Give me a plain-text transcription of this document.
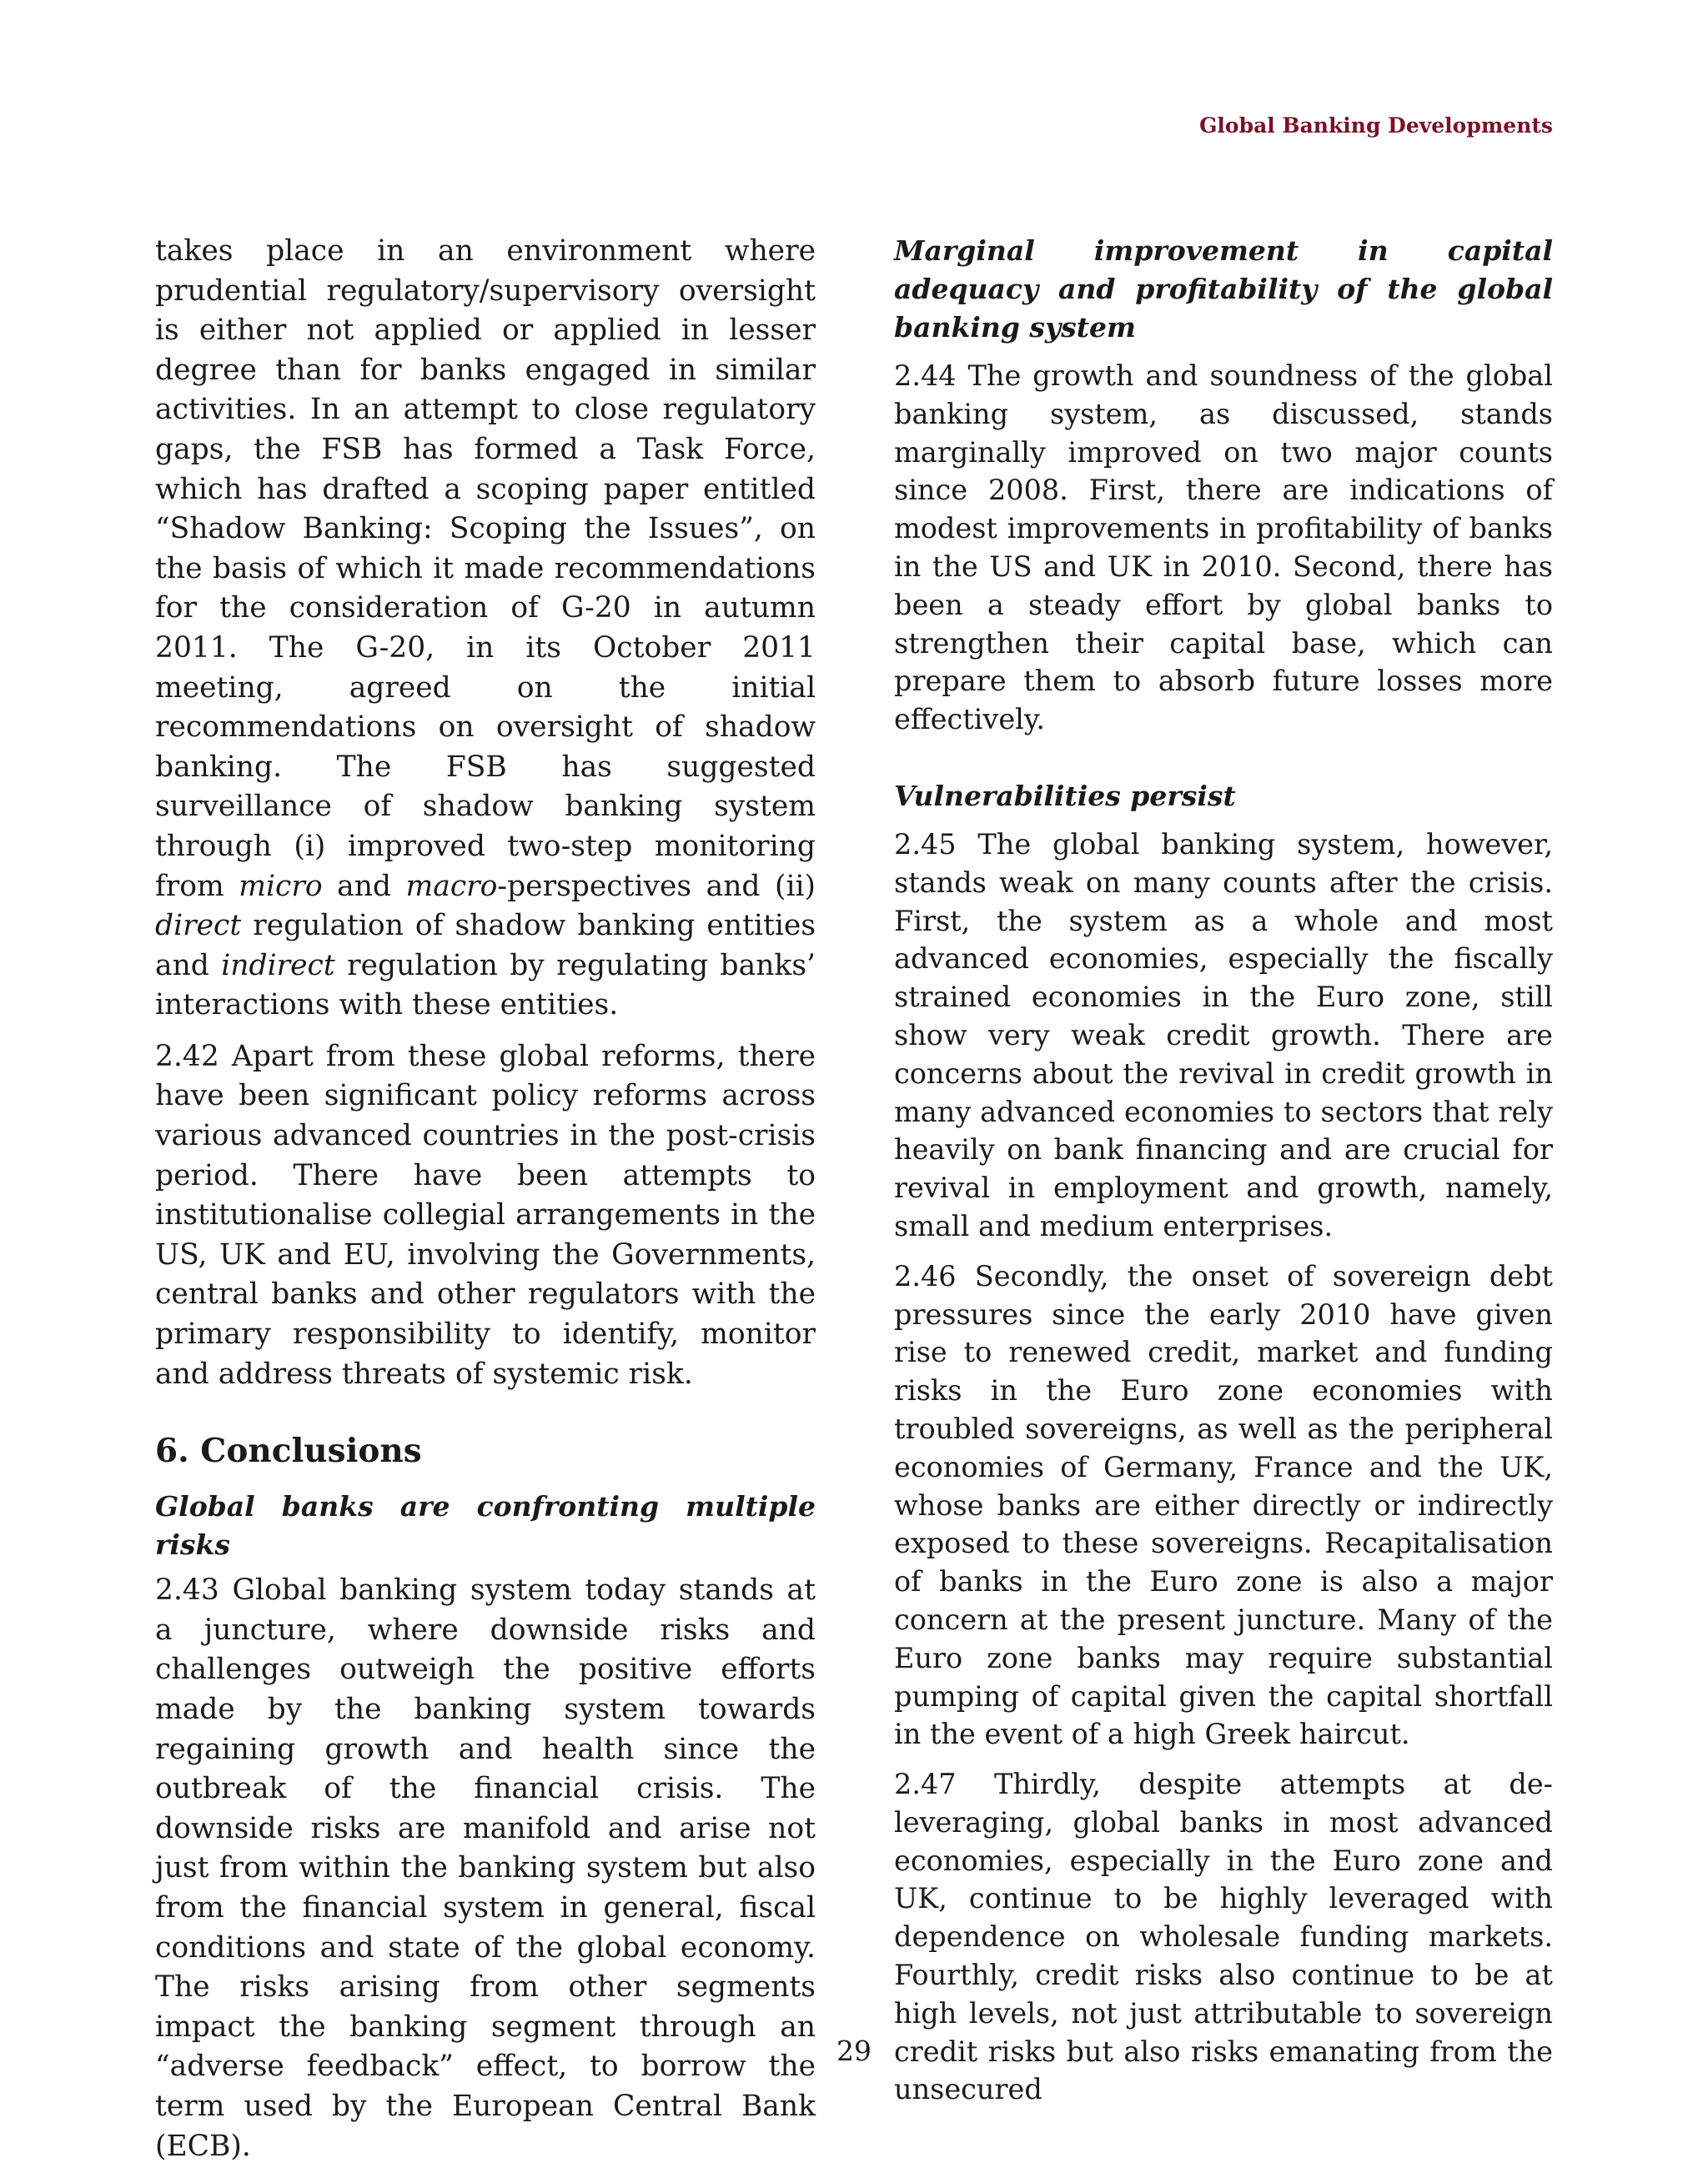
Global Banking Developments

takes place in an environment where prudential regulatory/supervisory oversight is either not applied or applied in lesser degree than for banks engaged in similar activities. In an attempt to close regulatory gaps, the FSB has formed a Task Force, which has drafted a scoping paper entitled “Shadow Banking: Scoping the Issues”, on the basis of which it made recommendations for the consideration of G-20 in autumn 2011. The G-20, in its October 2011 meeting, agreed on the initial recommendations on oversight of shadow banking. The FSB has suggested surveillance of shadow banking system through (i) improved two-step monitoring from micro and macro-perspectives and (ii) direct regulation of shadow banking entities and indirect regulation by regulating banks’ interactions with these entities.

2.42 Apart from these global reforms, there have been significant policy reforms across various advanced countries in the post-crisis period. There have been attempts to institutionalise collegial arrangements in the US, UK and EU, involving the Governments, central banks and other regulators with the primary responsibility to identify, monitor and address threats of systemic risk.

6. Conclusions
Global banks are confronting multiple risks

2.43 Global banking system today stands at a juncture, where downside risks and challenges outweigh the positive efforts made by the banking system towards regaining growth and health since the outbreak of the financial crisis. The downside risks are manifold and arise not just from within the banking system but also from the financial system in general, fiscal conditions and state of the global economy. The risks arising from other segments impact the banking segment through an “adverse feedback” effect, to borrow the term used by the European Central Bank (ECB).

Marginal improvement in capital adequacy and profitability of the global banking system

2.44 The growth and soundness of the global banking system, as discussed, stands marginally improved on two major counts since 2008. First, there are indications of modest improvements in profitability of banks in the US and UK in 2010. Second, there has been a steady effort by global banks to strengthen their capital base, which can prepare them to absorb future losses more effectively.

Vulnerabilities persist

2.45 The global banking system, however, stands weak on many counts after the crisis. First, the system as a whole and most advanced economies, especially the fiscally strained economies in the Euro zone, still show very weak credit growth. There are concerns about the revival in credit growth in many advanced economies to sectors that rely heavily on bank financing and are crucial for revival in employment and growth, namely, small and medium enterprises.

2.46 Secondly, the onset of sovereign debt pressures since the early 2010 have given rise to renewed credit, market and funding risks in the Euro zone economies with troubled sovereigns, as well as the peripheral economies of Germany, France and the UK, whose banks are either directly or indirectly exposed to these sovereigns. Recapitalisation of banks in the Euro zone is also a major concern at the present juncture. Many of the Euro zone banks may require substantial pumping of capital given the capital shortfall in the event of a high Greek haircut.

2.47 Thirdly, despite attempts at de-leveraging, global banks in most advanced economies, especially in the Euro zone and UK, continue to be highly leveraged with dependence on wholesale funding markets. Fourthly, credit risks also continue to be at high levels, not just attributable to sovereign credit risks but also risks emanating from the unsecured

29
